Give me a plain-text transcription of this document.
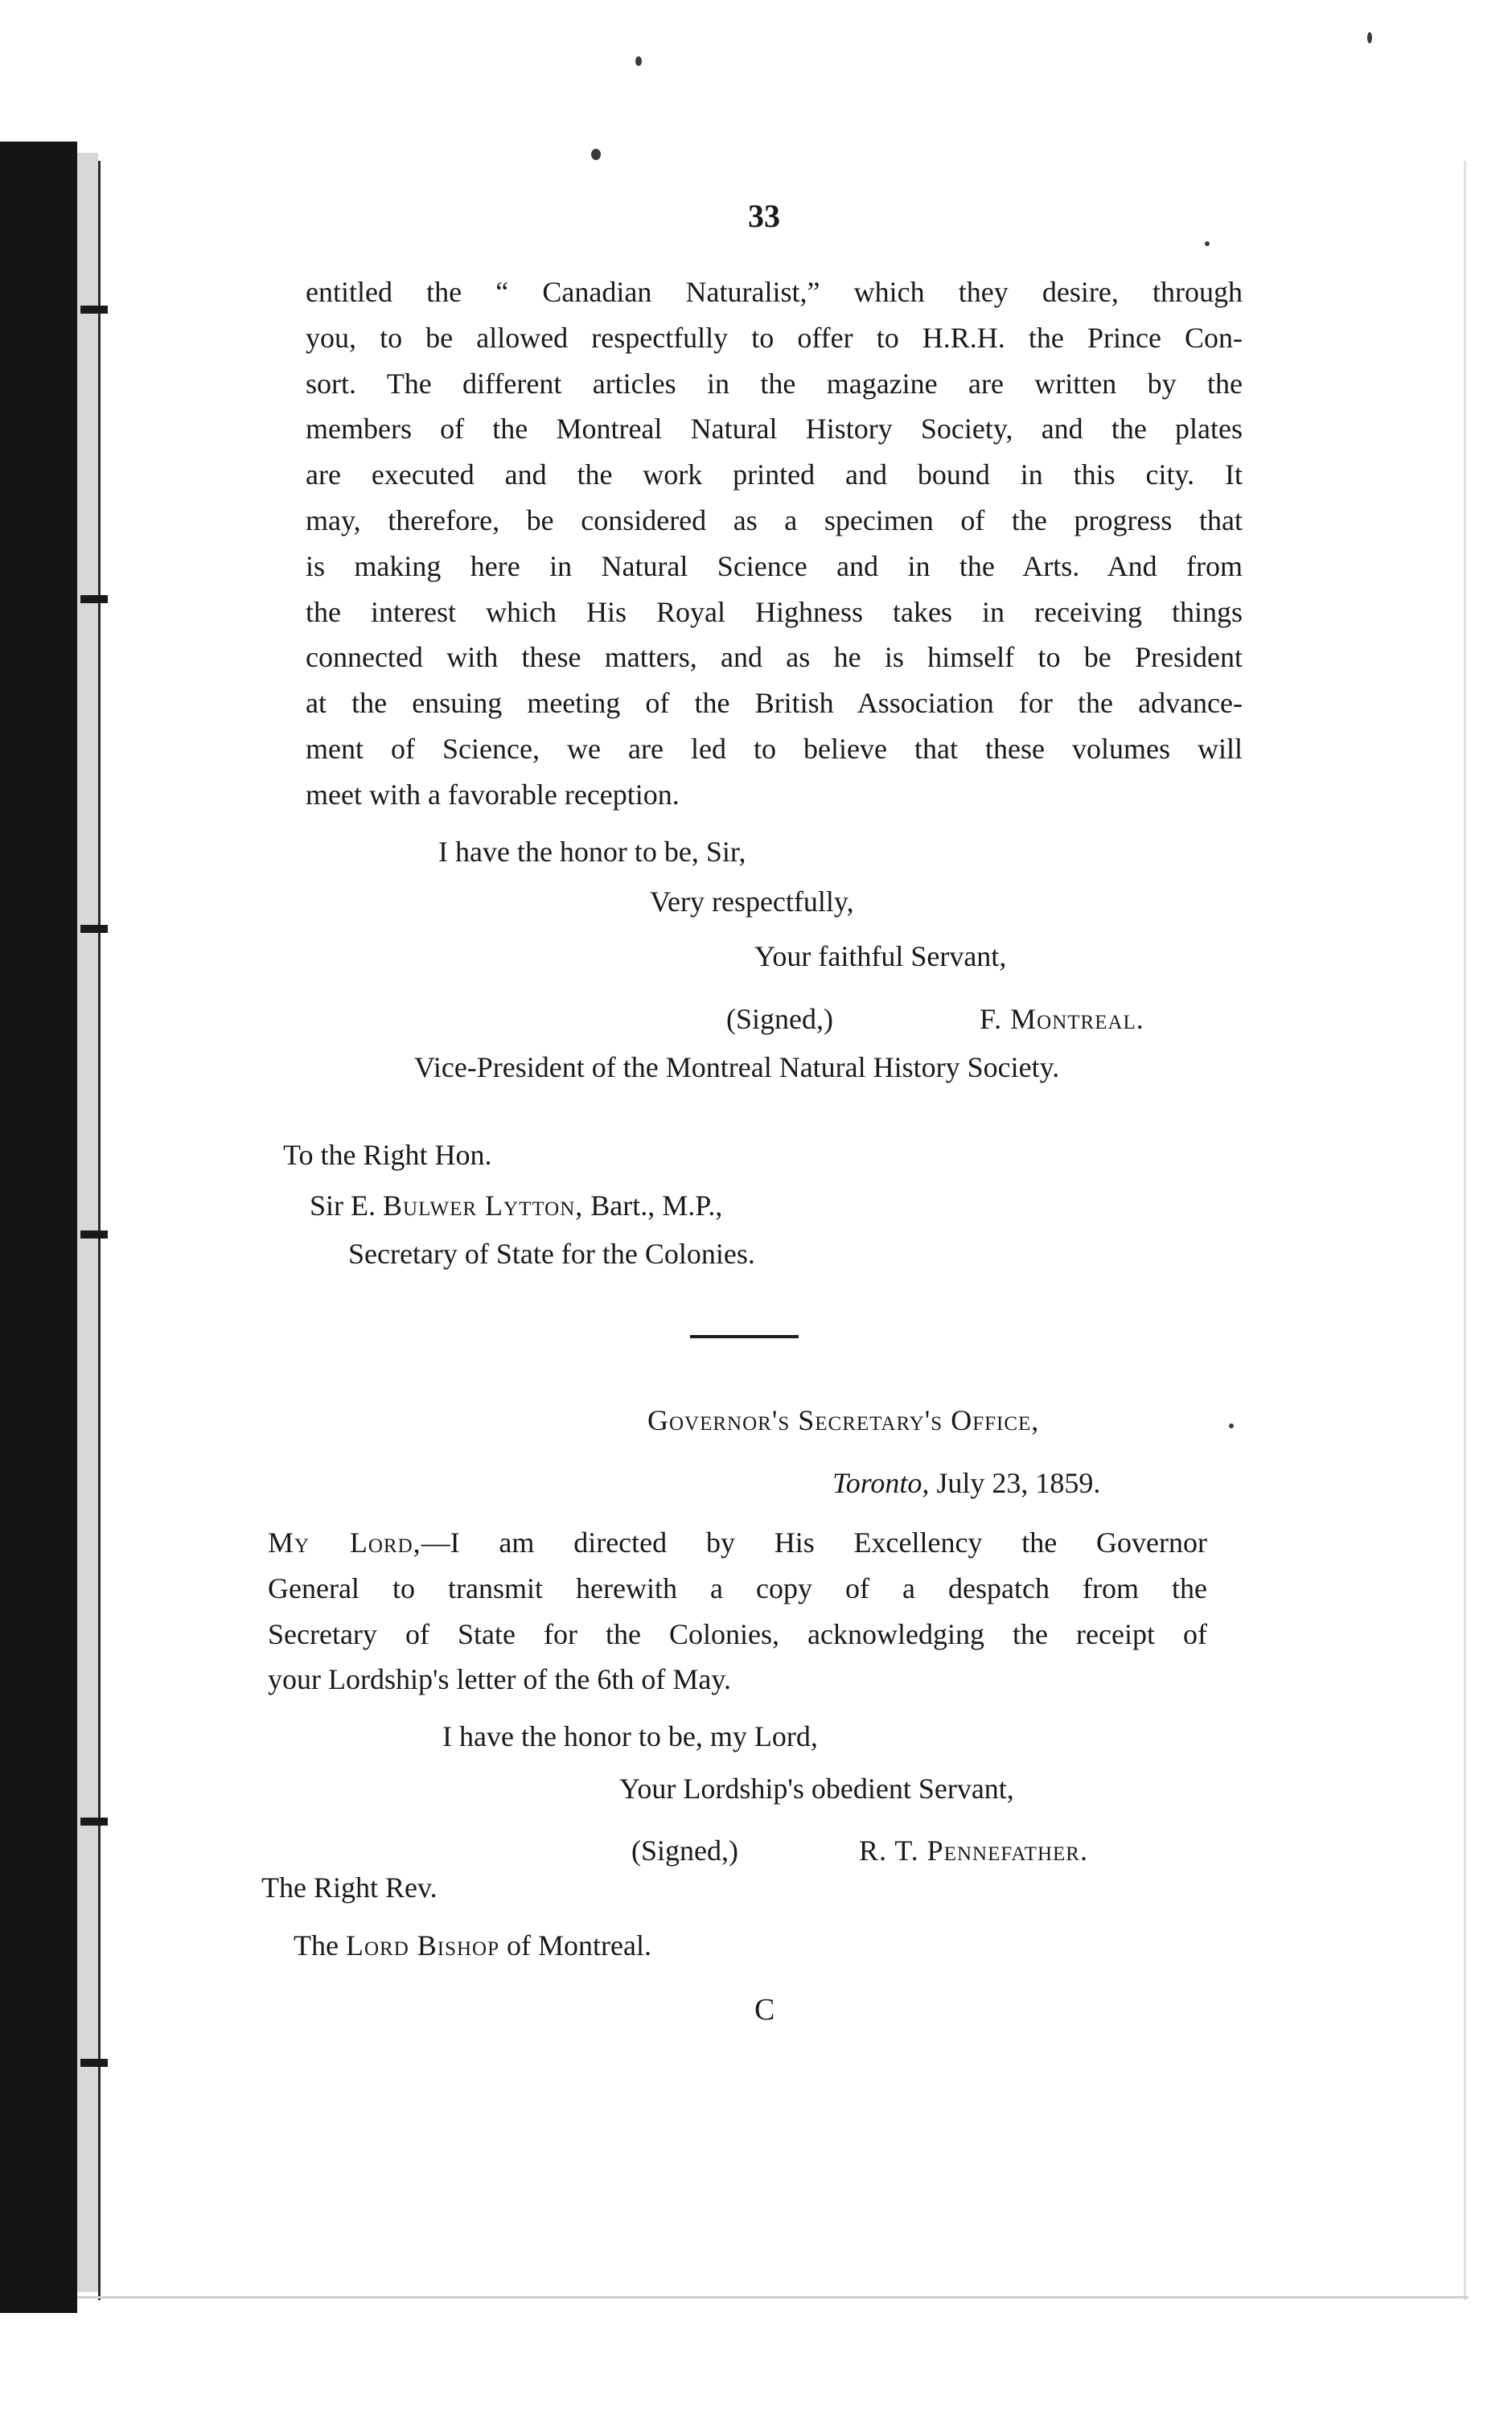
33
entitled the “ Canadian Naturalist,” which they desire, through
you, to be allowed respectfully to offer to H.R.H. the Prince Con-
sort. The different articles in the magazine are written by the
members of the Montreal Natural History Society, and the plates
are executed and the work printed and bound in this city. It
may, therefore, be considered as a specimen of the progress that
is making here in Natural Science and in the Arts. And from
the interest which His Royal Highness takes in receiving things
connected with these matters, and as he is himself to be President
at the ensuing meeting of the British Association for the advance-
ment of Science, we are led to believe that these volumes will
meet with a favorable reception.
I have the honor to be, Sir,
Very respectfully,
Your faithful Servant,
(Signed,)	F. Montreal.
Vice-President of the Montreal Natural History Society.
To the Right Hon.
Sir E. Bulwer Lytton, Bart., M.P.,
Secretary of State for the Colonies.
Governor's Secretary's Office,
Toronto, July 23, 1859.
My Lord,—I am directed by His Excellency the Governor
General to transmit herewith a copy of a despatch from the
Secretary of State for the Colonies, acknowledging the receipt of
your Lordship's letter of the 6th of May.
I have the honor to be, my Lord,
Your Lordship's obedient Servant,
(Signed,)	R. T. Pennefather.
The Right Rev.
The Lord Bishop of Montreal.
C
